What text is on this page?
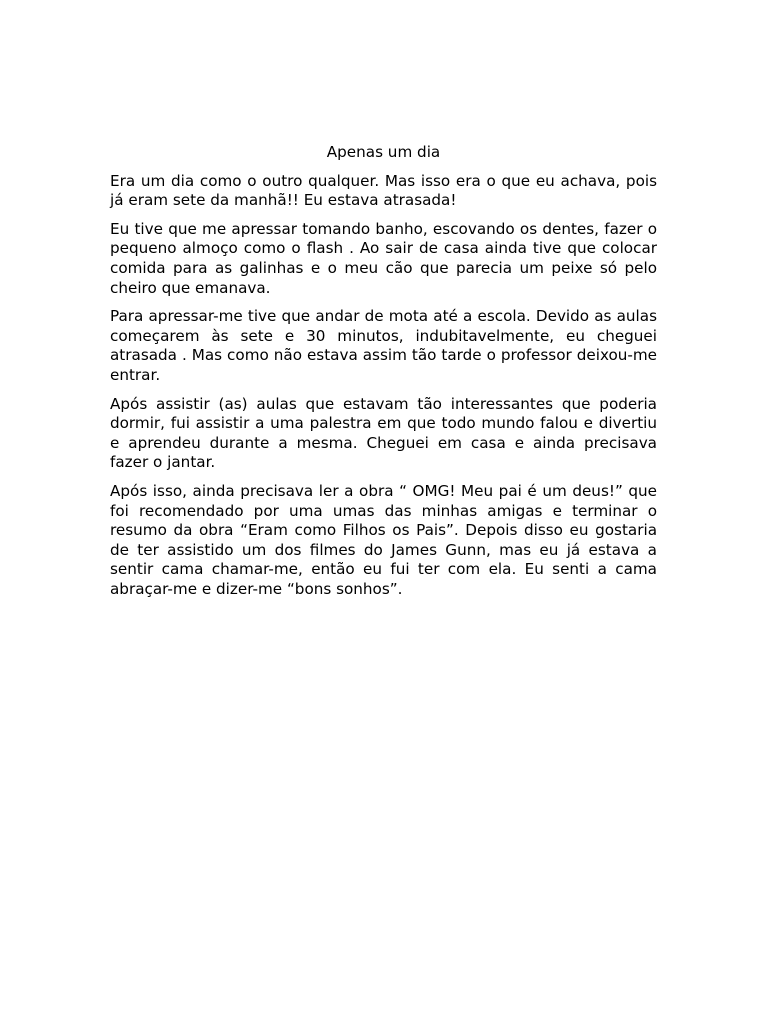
Apenas um dia

Era um dia como o outro qualquer. Mas isso era o que eu achava, pois já eram sete da manhã!! Eu estava atrasada!

Eu tive que me apressar tomando banho, escovando os dentes, fazer o pequeno almoço como o flash . Ao sair de casa ainda tive que colocar comida para as galinhas e o meu cão que parecia um peixe só pelo cheiro que emanava.

Para apressar-me tive que andar de mota até a escola. Devido as aulas começarem às sete e 30 minutos, indubitavelmente, eu cheguei atrasada . Mas como não estava assim tão tarde o professor deixou-me entrar.

Após assistir (as) aulas que estavam tão interessantes que poderia dormir, fui assistir a uma palestra em que todo mundo falou e divertiu e aprendeu durante a mesma. Cheguei em casa e ainda precisava fazer o jantar.

Após isso, ainda precisava ler a obra “ OMG! Meu pai é um deus!” que foi recomendado por uma umas das minhas amigas e terminar o resumo da obra “Eram como Filhos os Pais”. Depois disso eu gostaria de ter assistido um dos filmes do James Gunn, mas eu já estava a sentir cama chamar-me, então eu fui ter com ela. Eu senti a cama abraçar-me e dizer-me “bons sonhos”.
